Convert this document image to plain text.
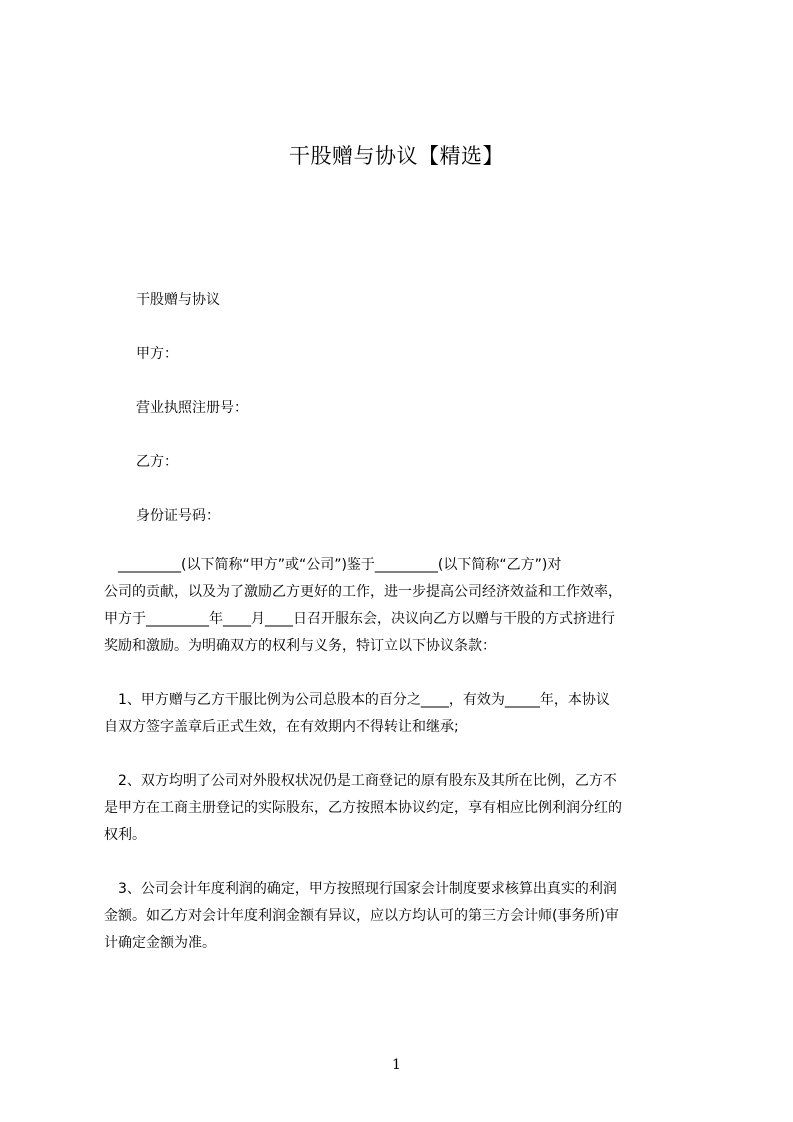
干股赠与协议【精选】
干股赠与协议
甲方：
营业执照注册号：
乙方：
身份证号码：
　_________(以下简称“甲方”或“公司”)鉴于_________(以下简称“乙方”)对
公司的贡献，以及为了激励乙方更好的工作，进一步提高公司经济效益和工作效率，
甲方于_________年____月____日召开服东会，决议向乙方以赠与干股的方式挤进行
奖励和激励。为明确双方的权利与义务，特订立以下协议条款：
　1、甲方赠与乙方干服比例为公司总股本的百分之____，有效为_____年，本协议
自双方签字盖章后正式生效，在有效期内不得转让和继承;
　2、双方均明了公司对外股权状况仍是工商登记的原有股东及其所在比例，乙方不
是甲方在工商主册登记的实际股东，乙方按照本协议约定，享有相应比例利润分红的
权利。
　3、公司会计年度利润的确定，甲方按照现行国家会计制度要求核算出真实的利润
金额。如乙方对会计年度利润金额有异议，应以方均认可的第三方会计师(事务所)审
计确定金额为准。
1
